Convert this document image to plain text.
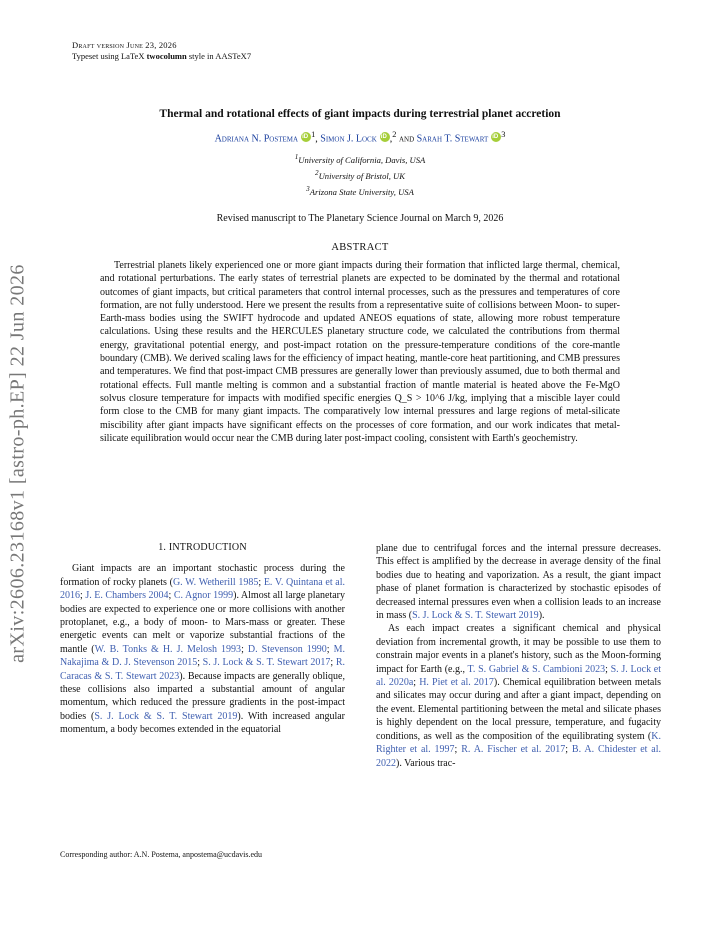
Draft version June 23, 2026
Typeset using LaTeX twocolumn style in AASTeX7
arXiv:2606.23168v1 [astro-ph.EP] 22 Jun 2026
Thermal and rotational effects of giant impacts during terrestrial planet accretion
Adriana N. Postema iD $^1$, Simon J. Lock iD ,$^2$ and Sarah T. Stewart iD $^3$
$^1$University of California, Davis, USA
$^2$University of Bristol, UK
$^3$Arizona State University, USA
Revised manuscript to The Planetary Science Journal on March 9, 2026
ABSTRACT
Terrestrial planets likely experienced one or more giant impacts during their formation that inflicted large thermal, chemical, and rotational perturbations. The early states of terrestrial planets are expected to be dominated by the thermal and rotational outcomes of giant impacts, but critical parameters that control internal processes, such as the pressures and temperatures of core formation, are not fully understood. Here we present the results from a representative suite of collisions between Moon- to super-Earth-mass bodies using the SWIFT hydrocode and updated ANEOS equations of state, allowing more robust temperature calculations. Using these results and the HERCULES planetary structure code, we calculated the contributions from thermal energy, gravitational potential energy, and post-impact rotation on the pressure-temperature conditions of the core-mantle boundary (CMB). We derived scaling laws for the efficiency of impact heating, mantle-core heat partitioning, and CMB pressures and temperatures. We find that post-impact CMB pressures are generally lower than previously assumed, due to both thermal and rotational effects. Full mantle melting is common and a substantial fraction of mantle material is heated above the Fe-MgO solvus closure temperature for impacts with modified specific energies Q_S > 10^6 J/kg, implying that a miscible layer could form close to the CMB for many giant impacts. The comparatively low internal pressures and large regions of metal-silicate miscibility after giant impacts have significant effects on the processes of core formation, and our work indicates that metal-silicate equilibration would occur near the CMB during later post-impact cooling, consistent with Earth's geochemistry.
1. INTRODUCTION

Giant impacts are an important stochastic process during the formation of rocky planets (G. W. Wetherill 1985; E. V. Quintana et al. 2016; J. E. Chambers 2004; C. Agnor 1999). Almost all large planetary bodies are expected to experience one or more collisions with another protoplanet, e.g., a body of moon- to Mars-mass or greater. These energetic events can melt or vaporize substantial fractions of the mantle (W. B. Tonks & H. J. Melosh 1993; D. Stevenson 1990; M. Nakajima & D. J. Stevenson 2015; S. J. Lock & S. T. Stewart 2017; R. Caracas & S. T. Stewart 2023). Because impacts are generally oblique, these collisions also imparted a substantial amount of angular momentum, which reduced the pressure gradients in the post-impact bodies (S. J. Lock & S. T. Stewart 2019). With increased angular momentum, a body becomes extended in the equatorial

plane due to centrifugal forces and the internal pressure decreases. This effect is amplified by the decrease in average density of the final bodies due to heating and vaporization. As a result, the giant impact phase of planet formation is characterized by stochastic episodes of decreased internal pressures even when a collision leads to an increase in mass (S. J. Lock & S. T. Stewart 2019).

As each impact creates a significant chemical and physical deviation from incremental growth, it may be possible to use them to constrain major events in a planet's history, such as the Moon-forming impact for Earth (e.g., T. S. Gabriel & S. Cambioni 2023; S. J. Lock et al. 2020a; H. Piet et al. 2017). Chemical equilibration between metals and silicates may occur during and after a giant impact, depending on the event. Elemental partitioning between the metal and silicate phases is highly dependent on the local pressure, temperature, and fugacity conditions, as well as the composition of the equilibrating system (K. Righter et al. 1997; R. A. Fischer et al. 2017; B. A. Chidester et al. 2022). Various trac-

Corresponding author: A.N. Postema, anpostema@ucdavis.edu
